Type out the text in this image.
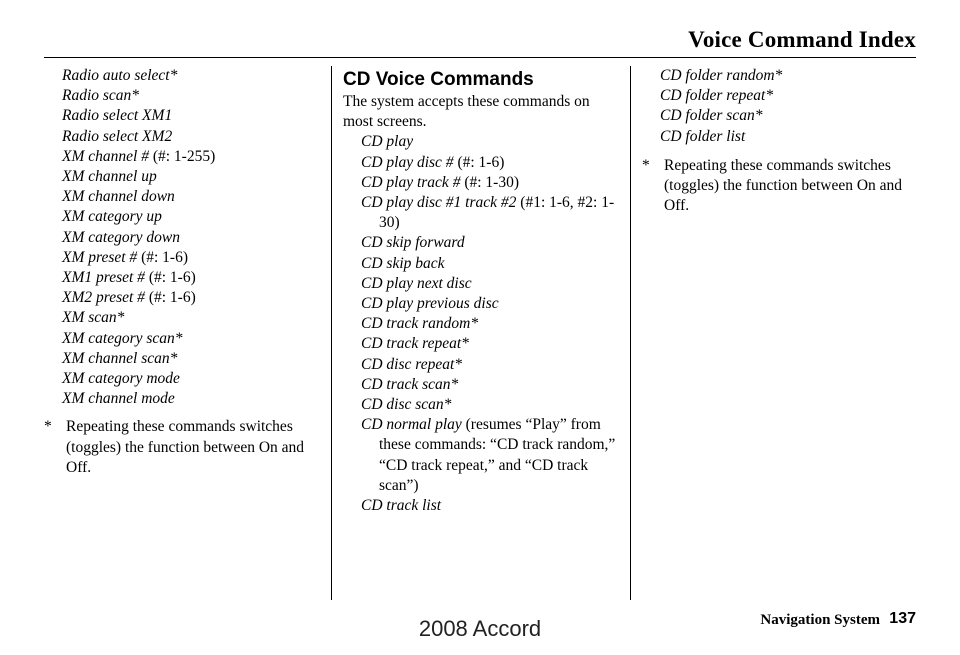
Voice Command Index
Radio auto select*
Radio scan*
Radio select XM1
Radio select XM2
XM channel # (#: 1-255)
XM channel up
XM channel down
XM category up
XM category down
XM preset # (#: 1-6)
XM1 preset # (#: 1-6)
XM2 preset # (#: 1-6)
XM scan*
XM category scan*
XM channel scan*
XM category mode
XM channel mode
* Repeating these commands switches (toggles) the function between On and Off.
CD Voice Commands

The system accepts these commands on most screens.

CD play
CD play disc # (#: 1-6)
CD play track # (#: 1-30)
CD play disc #1 track #2 (#1: 1-6, #2: 1-30)
CD skip forward
CD skip back
CD play next disc
CD play previous disc
CD track random*
CD track repeat*
CD disc repeat*
CD track scan*
CD disc scan*
CD normal play (resumes “Play” from these commands: “CD track random,” “CD track repeat,” and “CD track scan”)
CD track list
CD folder random*
CD folder repeat*
CD folder scan*
CD folder list
* Repeating these commands switches (toggles) the function between On and Off.
Navigation System 137
2008 Accord
